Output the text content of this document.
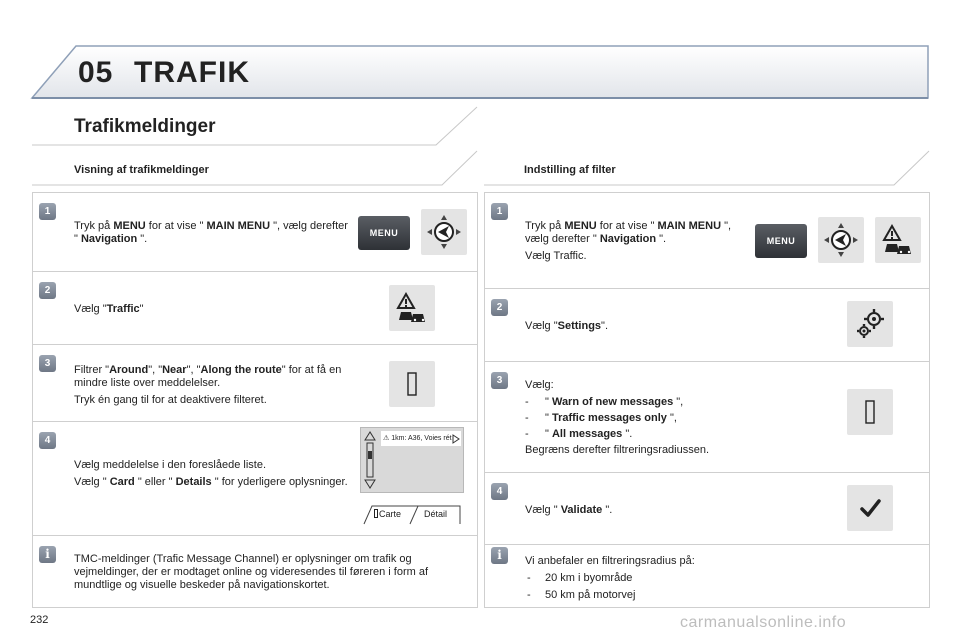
05 TRAFIK
Trafikmeldinger
Visning af trafikmeldinger	Indstilling af filter
1
Tryk på MENU for at vise " MAIN MENU ", vælg derefter " Navigation ".	MENU
2
Vælg "Traffic"
3

Filtrer "Around", "Near", "Along the route" for at få en mindre liste over meddelelser.

Tryk én gang til for at deaktivere filteret.

4

Vælg meddelelse i den foreslåede liste.

Vælg " Card " eller " Details " for yderligere oplysninger.

i	TMC-meldinger (Trafic Message Channel) er oplysninger om trafik og vejmeldinger, der er modtaget online og videresendes til føreren i form af mundtlige og visuelle beskeder på navigationskortet.
⚠ 1km: A36, Voies rét
Carte	Détail
1

Tryk på MENU for at vise " MAIN MENU ", vælg derefter " Navigation ".

Vælg Traffic.

MENU
2
Vælg "Settings".
3	Vælg:

-	" Warn of new messages ",

-	" Traffic messages only ",

-	" All messages ".

Begræns derefter filtreringsradiussen.

4
Vælg " Validate ".
i	Vi anbefaler en filtreringsradius på:

-	20 km i byområde
-	50 km på motorvej
232	carmanualsonline.info
